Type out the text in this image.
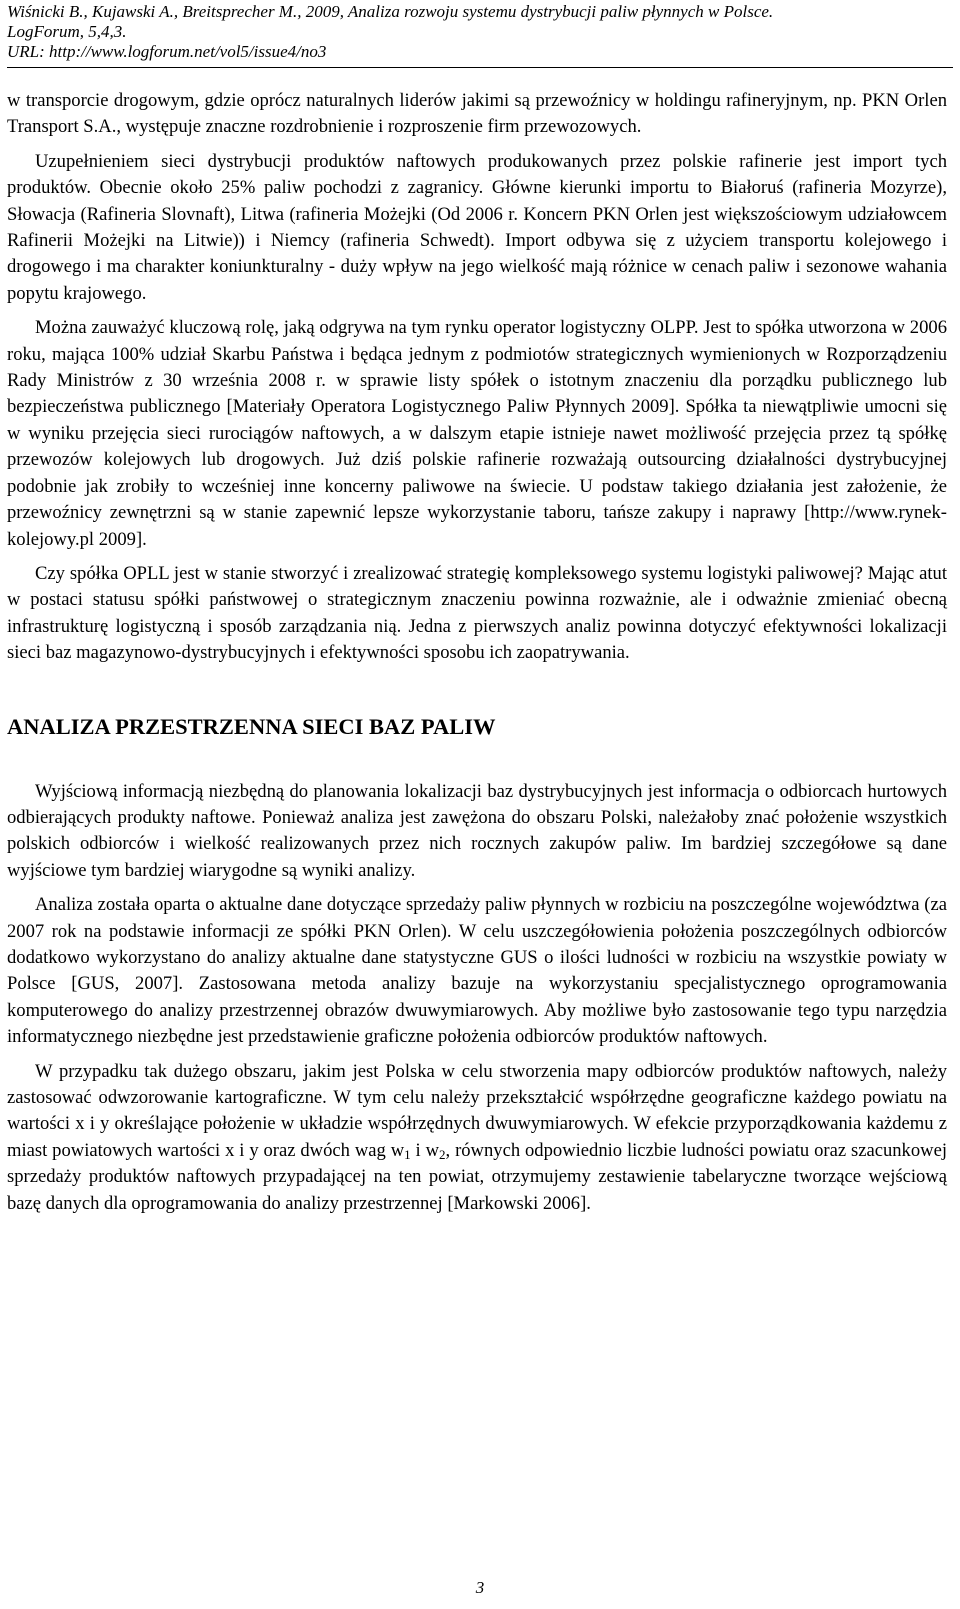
Wiśnicki B., Kujawski A., Breitsprecher M., 2009, Analiza rozwoju systemu dystrybucji paliw płynnych w Polsce.
LogForum, 5,4,3.
URL: http://www.logforum.net/vol5/issue4/no3

w transporcie drogowym, gdzie oprócz naturalnych liderów jakimi są przewoźnicy w holdingu rafineryjnym, np. PKN Orlen Transport S.A., występuje znaczne rozdrobnienie i rozproszenie firm przewozowych.

Uzupełnieniem sieci dystrybucji produktów naftowych produkowanych przez polskie rafinerie jest import tych produktów. Obecnie około 25% paliw pochodzi z zagranicy. Główne kierunki importu to Białoruś (rafineria Mozyrze), Słowacja (Rafineria Slovnaft), Litwa (rafineria Możejki (Od 2006 r. Koncern PKN Orlen jest większościowym udziałowcem Rafinerii Możejki na Litwie)) i Niemcy (rafineria Schwedt). Import odbywa się z użyciem transportu kolejowego i drogowego i ma charakter koniunkturalny - duży wpływ na jego wielkość mają różnice w cenach paliw i sezonowe wahania popytu krajowego.

Można zauważyć kluczową rolę, jaką odgrywa na tym rynku operator logistyczny OLPP. Jest to spółka utworzona w 2006 roku, mająca 100% udział Skarbu Państwa i będąca jednym z podmiotów strategicznych wymienionych w Rozporządzeniu Rady Ministrów z 30 września 2008 r. w sprawie listy spółek o istotnym znaczeniu dla porządku publicznego lub bezpieczeństwa publicznego [Materiały Operatora Logistycznego Paliw Płynnych 2009]. Spółka ta niewątpliwie umocni się w wyniku przejęcia sieci rurociągów naftowych, a w dalszym etapie istnieje nawet możliwość przejęcia przez tą spółkę przewozów kolejowych lub drogowych. Już dziś polskie rafinerie rozważają outsourcing działalności dystrybucyjnej podobnie jak zrobiły to wcześniej inne koncerny paliwowe na świecie. U podstaw takiego działania jest założenie, że przewoźnicy zewnętrzni są w stanie zapewnić lepsze wykorzystanie taboru, tańsze zakupy i naprawy [http://www.rynek-kolejowy.pl 2009].

Czy spółka OPLL jest w stanie stworzyć i zrealizować strategię kompleksowego systemu logistyki paliwowej? Mając atut w postaci statusu spółki państwowej o strategicznym znaczeniu powinna rozważnie, ale i odważnie zmieniać obecną infrastrukturę logistyczną i sposób zarządzania nią. Jedna z pierwszych analiz powinna dotyczyć efektywności lokalizacji sieci baz magazynowo-dystrybucyjnych i efektywności sposobu ich zaopatrywania.

ANALIZA PRZESTRZENNA SIECI BAZ PALIW

Wyjściową informacją niezbędną do planowania lokalizacji baz dystrybucyjnych jest informacja o odbiorcach hurtowych odbierających produkty naftowe. Ponieważ analiza jest zawężona do obszaru Polski, należałoby znać położenie wszystkich polskich odbiorców i wielkość realizowanych przez nich rocznych zakupów paliw. Im bardziej szczegółowe są dane wyjściowe tym bardziej wiarygodne są wyniki analizy.

Analiza została oparta o aktualne dane dotyczące sprzedaży paliw płynnych w rozbiciu na poszczególne województwa (za 2007 rok na podstawie informacji ze spółki PKN Orlen). W celu uszczegółowienia położenia poszczególnych odbiorców dodatkowo wykorzystano do analizy aktualne dane statystyczne GUS o ilości ludności w rozbiciu na wszystkie powiaty w Polsce [GUS, 2007]. Zastosowana metoda analizy bazuje na wykorzystaniu specjalistycznego oprogramowania komputerowego do analizy przestrzennej obrazów dwuwymiarowych. Aby możliwe było zastosowanie tego typu narzędzia informatycznego niezbędne jest przedstawienie graficzne położenia odbiorców produktów naftowych.

W przypadku tak dużego obszaru, jakim jest Polska w celu stworzenia mapy odbiorców produktów naftowych, należy zastosować odwzorowanie kartograficzne. W tym celu należy przekształcić współrzędne geograficzne każdego powiatu na wartości x i y określające położenie w układzie współrzędnych dwuwymiarowych. W efekcie przyporządkowania każdemu z miast powiatowych wartości x i y oraz dwóch wag $w_1$ i $w_2$, równych odpowiednio liczbie ludności powiatu oraz szacunkowej sprzedaży produktów naftowych przypadającej na ten powiat, otrzymujemy zestawienie tabelaryczne tworzące wejściową bazę danych dla oprogramowania do analizy przestrzennej [Markowski 2006].

3
